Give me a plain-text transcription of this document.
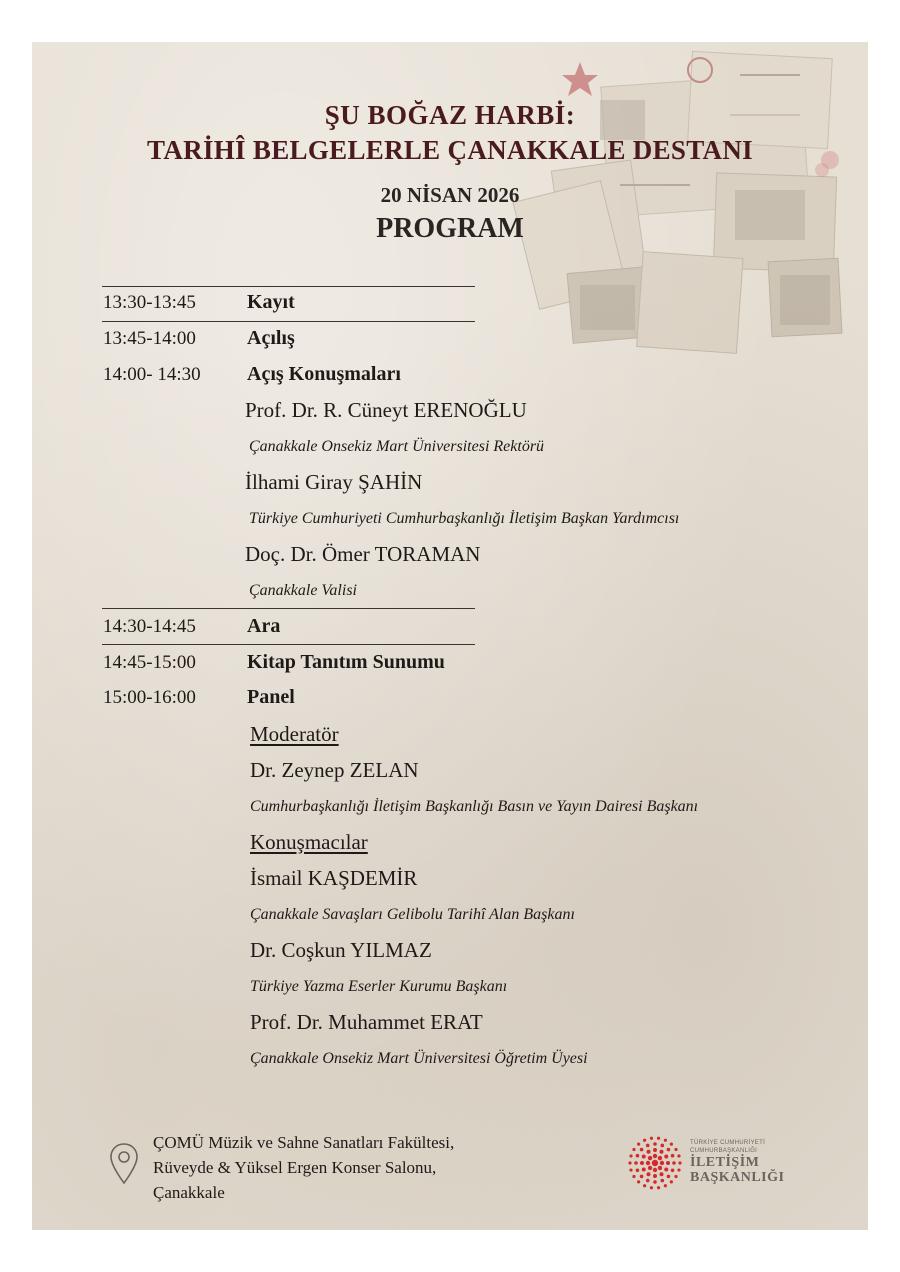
ŞU BOĞAZ HARBİ:
TARİHÎ BELGELERLE ÇANAKKALE DESTANI
20 NİSAN 2026
PROGRAM
13:30-13:45	Kayıt
13:45-14:00	Açılış
14:00- 14:30 Açış Konuşmaları
Prof. Dr. R. Cüneyt ERENOĞLU
Çanakkale Onsekiz Mart Üniversitesi Rektörü
İlhami Giray ŞAHİN
Türkiye Cumhuriyeti Cumhurbaşkanlığı İletişim Başkan Yardımcısı
Doç. Dr. Ömer TORAMAN
Çanakkale Valisi
14:30-14:45	Ara
14:45-15:00	Kitap Tanıtım Sunumu
15:00-16:00	Panel
Moderatör
Dr. Zeynep ZELAN
Cumhurbaşkanlığı İletişim Başkanlığı Basın ve Yayın Dairesi Başkanı
Konuşmacılar
İsmail KAŞDEMİR
Çanakkale Savaşları Gelibolu Tarihî Alan Başkanı
Dr. Coşkun YILMAZ
Türkiye Yazma Eserler Kurumu Başkanı
Prof. Dr. Muhammet ERAT
Çanakkale Onsekiz Mart Üniversitesi Öğretim Üyesi
ÇOMÜ Müzik ve Sahne Sanatları Fakültesi,
Rüveyde & Yüksel Ergen Konser Salonu,
Çanakkale
TÜRKİYE CUMHURİYETİ
CUMHURBAŞKANLIĞI
İLETİŞİM
BAŞKANLIĞI
